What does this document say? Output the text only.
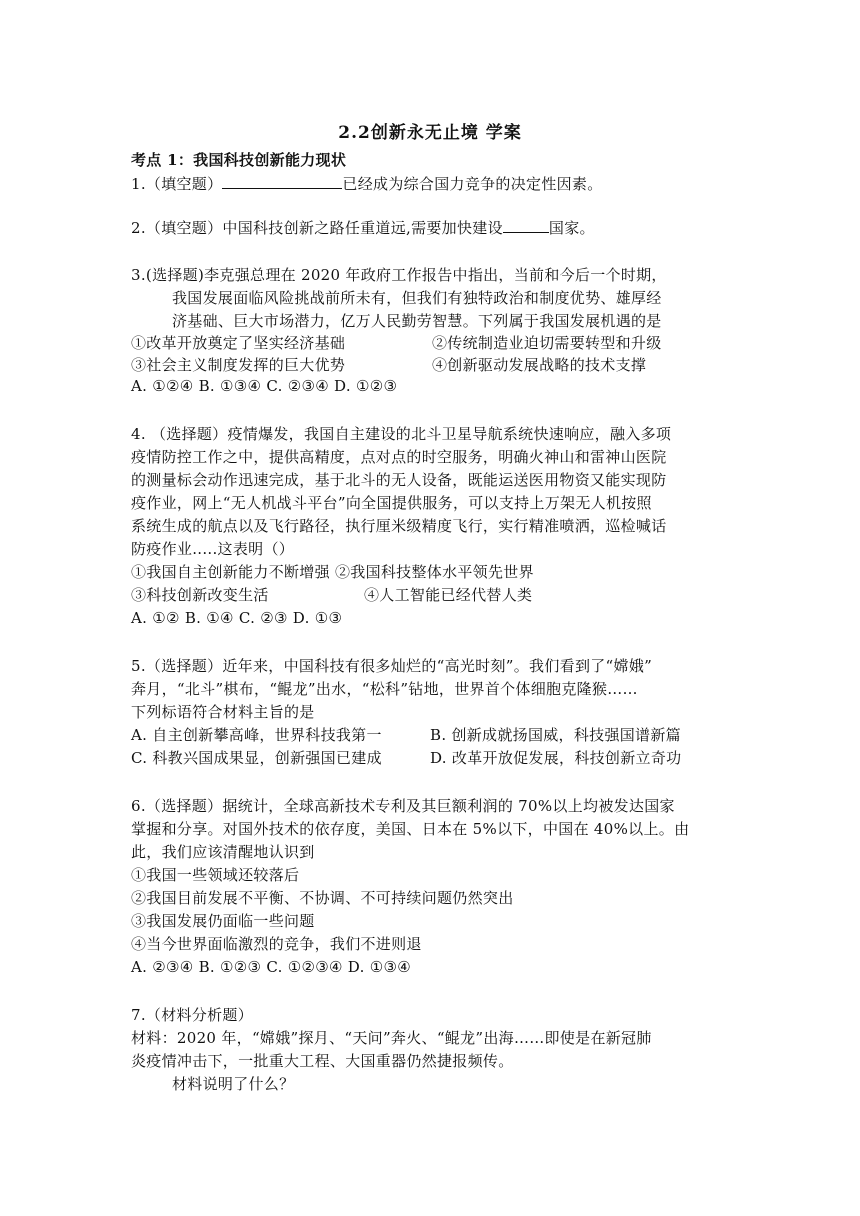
2.2创新永无止境 学案
考点 1：我国科技创新能力现状
1.（填空题）	已经成为综合国力竞争的决定性因素。
2.（填空题）中国科技创新之路任重道远,需要加快建设	国家。
3.(选择题)李克强总理在 2020 年政府工作报告中指出，当前和今后一个时期，
我国发展面临风险挑战前所未有，但我们有独特政治和制度优势、雄厚经
济基础、巨大市场潜力，亿万人民勤劳智慧。下列属于我国发展机遇的是
①改革开放奠定了坚实经济基础	②传统制造业迫切需要转型和升级
③社会主义制度发挥的巨大优势	④创新驱动发展战略的技术支撑
A. ①②④ B. ①③④ C. ②③④ D. ①②③
4. （选择题）疫情爆发，我国自主建设的北斗卫星导航系统快速响应，融入多项
疫情防控工作之中，提供高精度，点对点的时空服务，明确火神山和雷神山医院
的测量标会动作迅速完成，基于北斗的无人设备，既能运送医用物资又能实现防
疫作业，网上“无人机战斗平台”向全国提供服务，可以支持上万架无人机按照
系统生成的航点以及飞行路径，执行厘米级精度飞行，实行精准喷洒，巡检喊话
防疫作业.....这表明（）
①我国自主创新能力不断增强 ②我国科技整体水平领先世界
③科技创新改变生活	④人工智能已经代替人类
A. ①② B. ①④ C. ②③ D. ①③
5.（选择题）近年来，中国科技有很多灿烂的“高光时刻”。我们看到了“嫦娥”
奔月，“北斗”棋布，“鲲龙”出水，“松科”钻地，世界首个体细胞克隆猴……
下列标语符合材料主旨的是
A. 自主创新攀高峰，世界科技我第一	B. 创新成就扬国威，科技强国谱新篇
C. 科教兴国成果显，创新强国已建成	D. 改革开放促发展，科技创新立奇功
6.（选择题）据统计，全球高新技术专利及其巨额利润的 70%以上均被发达国家
掌握和分享。对国外技术的依存度，美国、日本在 5%以下，中国在 40%以上。由
此，我们应该清醒地认识到
①我国一些领域还较落后
②我国目前发展不平衡、不协调、不可持续问题仍然突出
③我国发展仍面临一些问题
④当今世界面临激烈的竞争，我们不进则退
A. ②③④ B. ①②③ C. ①②③④ D. ①③④
7.（材料分析题）
材料：2020 年，“嫦娥”探月、“天问”奔火、“鲲龙”出海……即使是在新冠肺
炎疫情冲击下，一批重大工程、大国重器仍然捷报频传。
材料说明了什么？
